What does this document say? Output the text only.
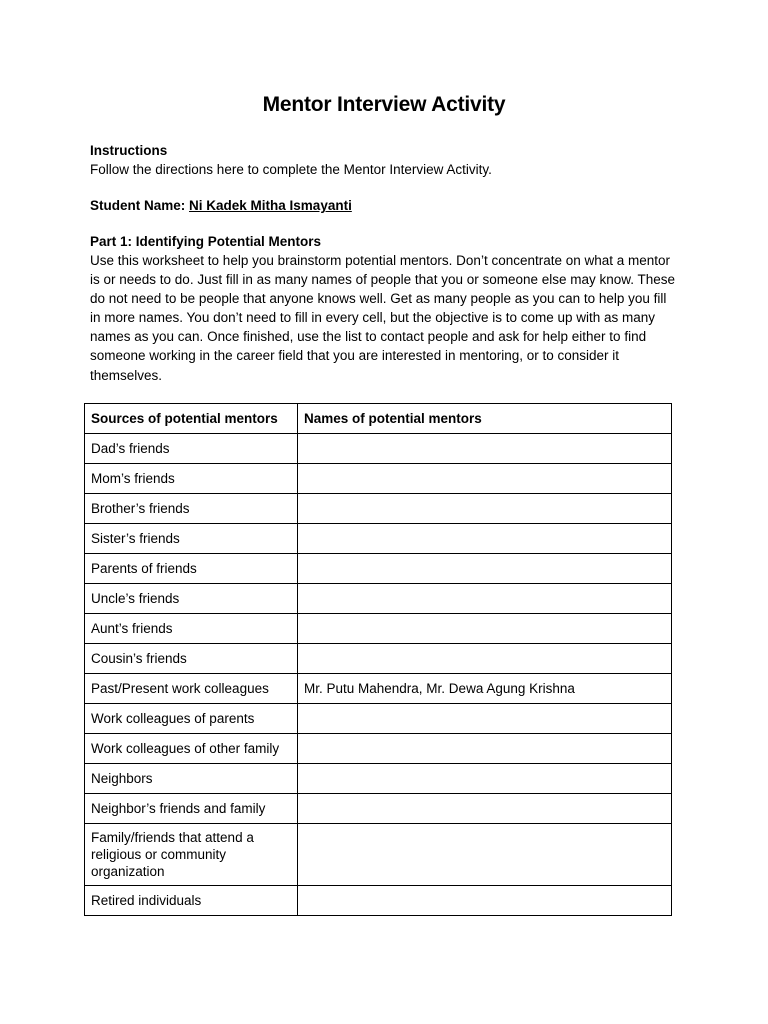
Mentor Interview Activity
Instructions
Follow the directions here to complete the Mentor Interview Activity.
Student Name: Ni Kadek Mitha Ismayanti
Part 1: Identifying Potential Mentors
Use this worksheet to help you brainstorm potential mentors. Don’t concentrate on what a mentor is or needs to do. Just fill in as many names of people that you or someone else may know. These do not need to be people that anyone knows well. Get as many people as you can to help you fill in more names. You don’t need to fill in every cell, but the objective is to come up with as many names as you can. Once finished, use the list to contact people and ask for help either to find someone working in the career field that you are interested in mentoring, or to consider it themselves.
Sources of potential mentors	Names of potential mentors
Dad’s friends	
Mom’s friends	
Brother’s friends	
Sister’s friends	
Parents of friends	
Uncle’s friends	
Aunt’s friends	
Cousin’s friends	
Past/Present work colleagues	Mr. Putu Mahendra, Mr. Dewa Agung Krishna
Work colleagues of parents	
Work colleagues of other family	
Neighbors	
Neighbor’s friends and family	
Family/friends that attend a religious or community organization	
Retired individuals	
